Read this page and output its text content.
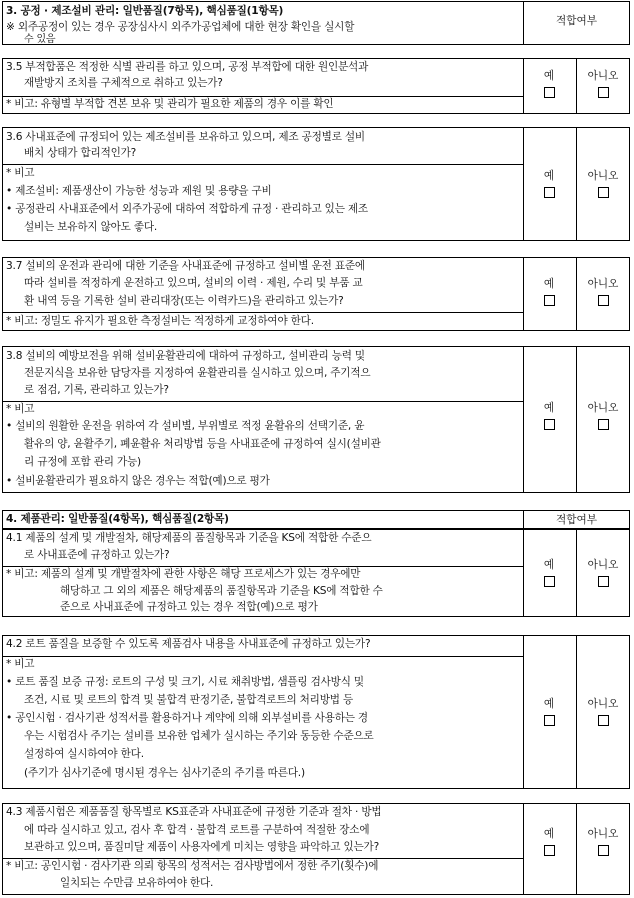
3. 공정 · 제조설비 관리: 일반품질(7항목), 핵심품질(1항목)
※ 외주공정이 있는 경우 공장심사시 외주가공업체에 대한 현장 확인을 실시할
수 있음
적합여부
3.5 부적합품은 적정한 식별 관리를 하고 있으며, 공정 부적합에 대한 원인분석과
재발방지 조치를 구체적으로 취하고 있는가?
* 비고: 유형별 부적합 견본 보유 및 관리가 필요한 제품의 경우 이를 확인
예	아니오
3.6 사내표준에 규정되어 있는 제조설비를 보유하고 있으며, 제조 공정별로 설비
배치 상태가 합리적인가?
* 비고
• 제조설비: 제품생산이 가능한 성능과 제원 및 용량을 구비
• 공정관리 사내표준에서 외주가공에 대하여 적합하게 규정 · 관리하고 있는 제조
설비는 보유하지 않아도 좋다.
예	아니오
3.7 설비의 운전과 관리에 대한 기준을 사내표준에 규정하고 설비별 운전 표준에
따라 설비를 적정하게 운전하고 있으며, 설비의 이력 · 제원, 수리 및 부품 교
환 내역 등을 기록한 설비 관리대장(또는 이력카드)을 관리하고 있는가?
* 비고: 정밀도 유지가 필요한 측정설비는 적정하게 교정하여야 한다.
예	아니오
3.8 설비의 예방보전을 위해 설비윤활관리에 대하여 규정하고, 설비관리 능력 및
전문지식을 보유한 담당자를 지정하여 윤활관리를 실시하고 있으며, 주기적으
로 점검, 기록, 관리하고 있는가?
* 비고
• 설비의 원활한 운전을 위하여 각 설비별, 부위별로 적정 윤활유의 선택기준, 윤
활유의 양, 윤활주기, 폐윤활유 처리방법 등을 사내표준에 규정하여 실시(설비관
리 규정에 포함 관리 가능)
• 설비윤활관리가 필요하지 않은 경우는 적합(예)으로 평가
예	아니오
4. 제품관리: 일반품질(4항목), 핵심품질(2항목)	적합여부
4.1 제품의 설계 및 개발절차, 해당제품의 품질항목과 기준을 KS에 적합한 수준으
로 사내표준에 규정하고 있는가?
* 비고: 제품의 설계 및 개발절차에 관한 사항은 해당 프로세스가 있는 경우에만
해당하고 그 외의 제품은 해당제품의 품질항목과 기준을 KS에 적합한 수
준으로 사내표준에 규정하고 있는 경우 적합(예)으로 평가
예	아니오
4.2 로트 품질을 보증할 수 있도록 제품검사 내용을 사내표준에 규정하고 있는가?
* 비고
• 로트 품질 보증 규정: 로트의 구성 및 크기, 시료 채취방법, 샘플링 검사방식 및
조건, 시료 및 로트의 합격 및 불합격 판정기준, 불합격로트의 처리방법 등
• 공인시험 · 검사기관 성적서를 활용하거나 계약에 의해 외부설비를 사용하는 경
우는 시험검사 주기는 설비를 보유한 업체가 실시하는 주기와 동등한 수준으로
설정하여 실시하여야 한다.
(주기가 심사기준에 명시된 경우는 심사기준의 주기를 따른다.)
예	아니오
4.3 제품시험은 제품품질 항목별로 KS표준과 사내표준에 규정한 기준과 절차 · 방법
에 따라 실시하고 있고, 검사 후 합격 · 불합격 로트를 구분하여 적절한 장소에
보관하고 있으며, 품질미달 제품이 사용자에게 미치는 영향을 파악하고 있는가?
* 비고: 공인시험 · 검사기관 의뢰 항목의 성적서는 검사방법에서 정한 주기(횟수)에
일치되는 수만큼 보유하여야 한다.
예	아니오
